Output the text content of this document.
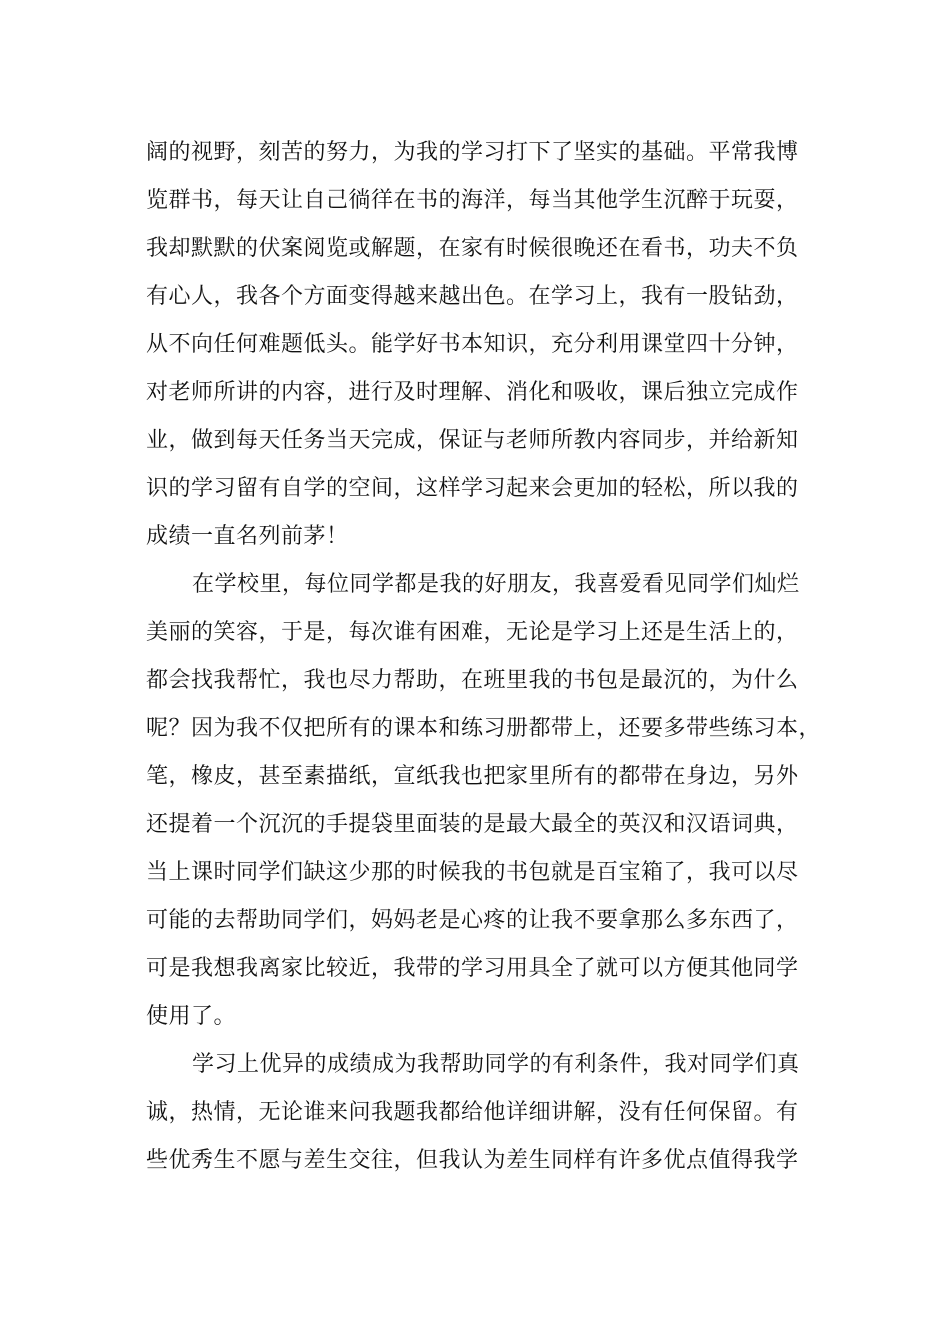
阔的视野，刻苦的努力，为我的学习打下了坚实的基础。平常我博
览群书，每天让自己徜徉在书的海洋，每当其他学生沉醉于玩耍，
我却默默的伏案阅览或解题，在家有时候很晚还在看书，功夫不负
有心人，我各个方面变得越来越出色。在学习上，我有一股钻劲，
从不向任何难题低头。能学好书本知识，充分利用课堂四十分钟，
对老师所讲的内容，进行及时理解、消化和吸收，课后独立完成作
业，做到每天任务当天完成，保证与老师所教内容同步，并给新知
识的学习留有自学的空间，这样学习起来会更加的轻松，所以我的
成绩一直名列前茅！
在学校里，每位同学都是我的好朋友，我喜爱看见同学们灿烂
美丽的笑容，于是，每次谁有困难，无论是学习上还是生活上的，
都会找我帮忙，我也尽力帮助，在班里我的书包是最沉的，为什么
呢？因为我不仅把所有的课本和练习册都带上，还要多带些练习本，
笔，橡皮，甚至素描纸，宣纸我也把家里所有的都带在身边，另外
还提着一个沉沉的手提袋里面装的是最大最全的英汉和汉语词典，
当上课时同学们缺这少那的时候我的书包就是百宝箱了，我可以尽
可能的去帮助同学们，妈妈老是心疼的让我不要拿那么多东西了，
可是我想我离家比较近，我带的学习用具全了就可以方便其他同学
使用了。
学习上优异的成绩成为我帮助同学的有利条件，我对同学们真
诚，热情，无论谁来问我题我都给他详细讲解，没有任何保留。有
些优秀生不愿与差生交往，但我认为差生同样有许多优点值得我学
